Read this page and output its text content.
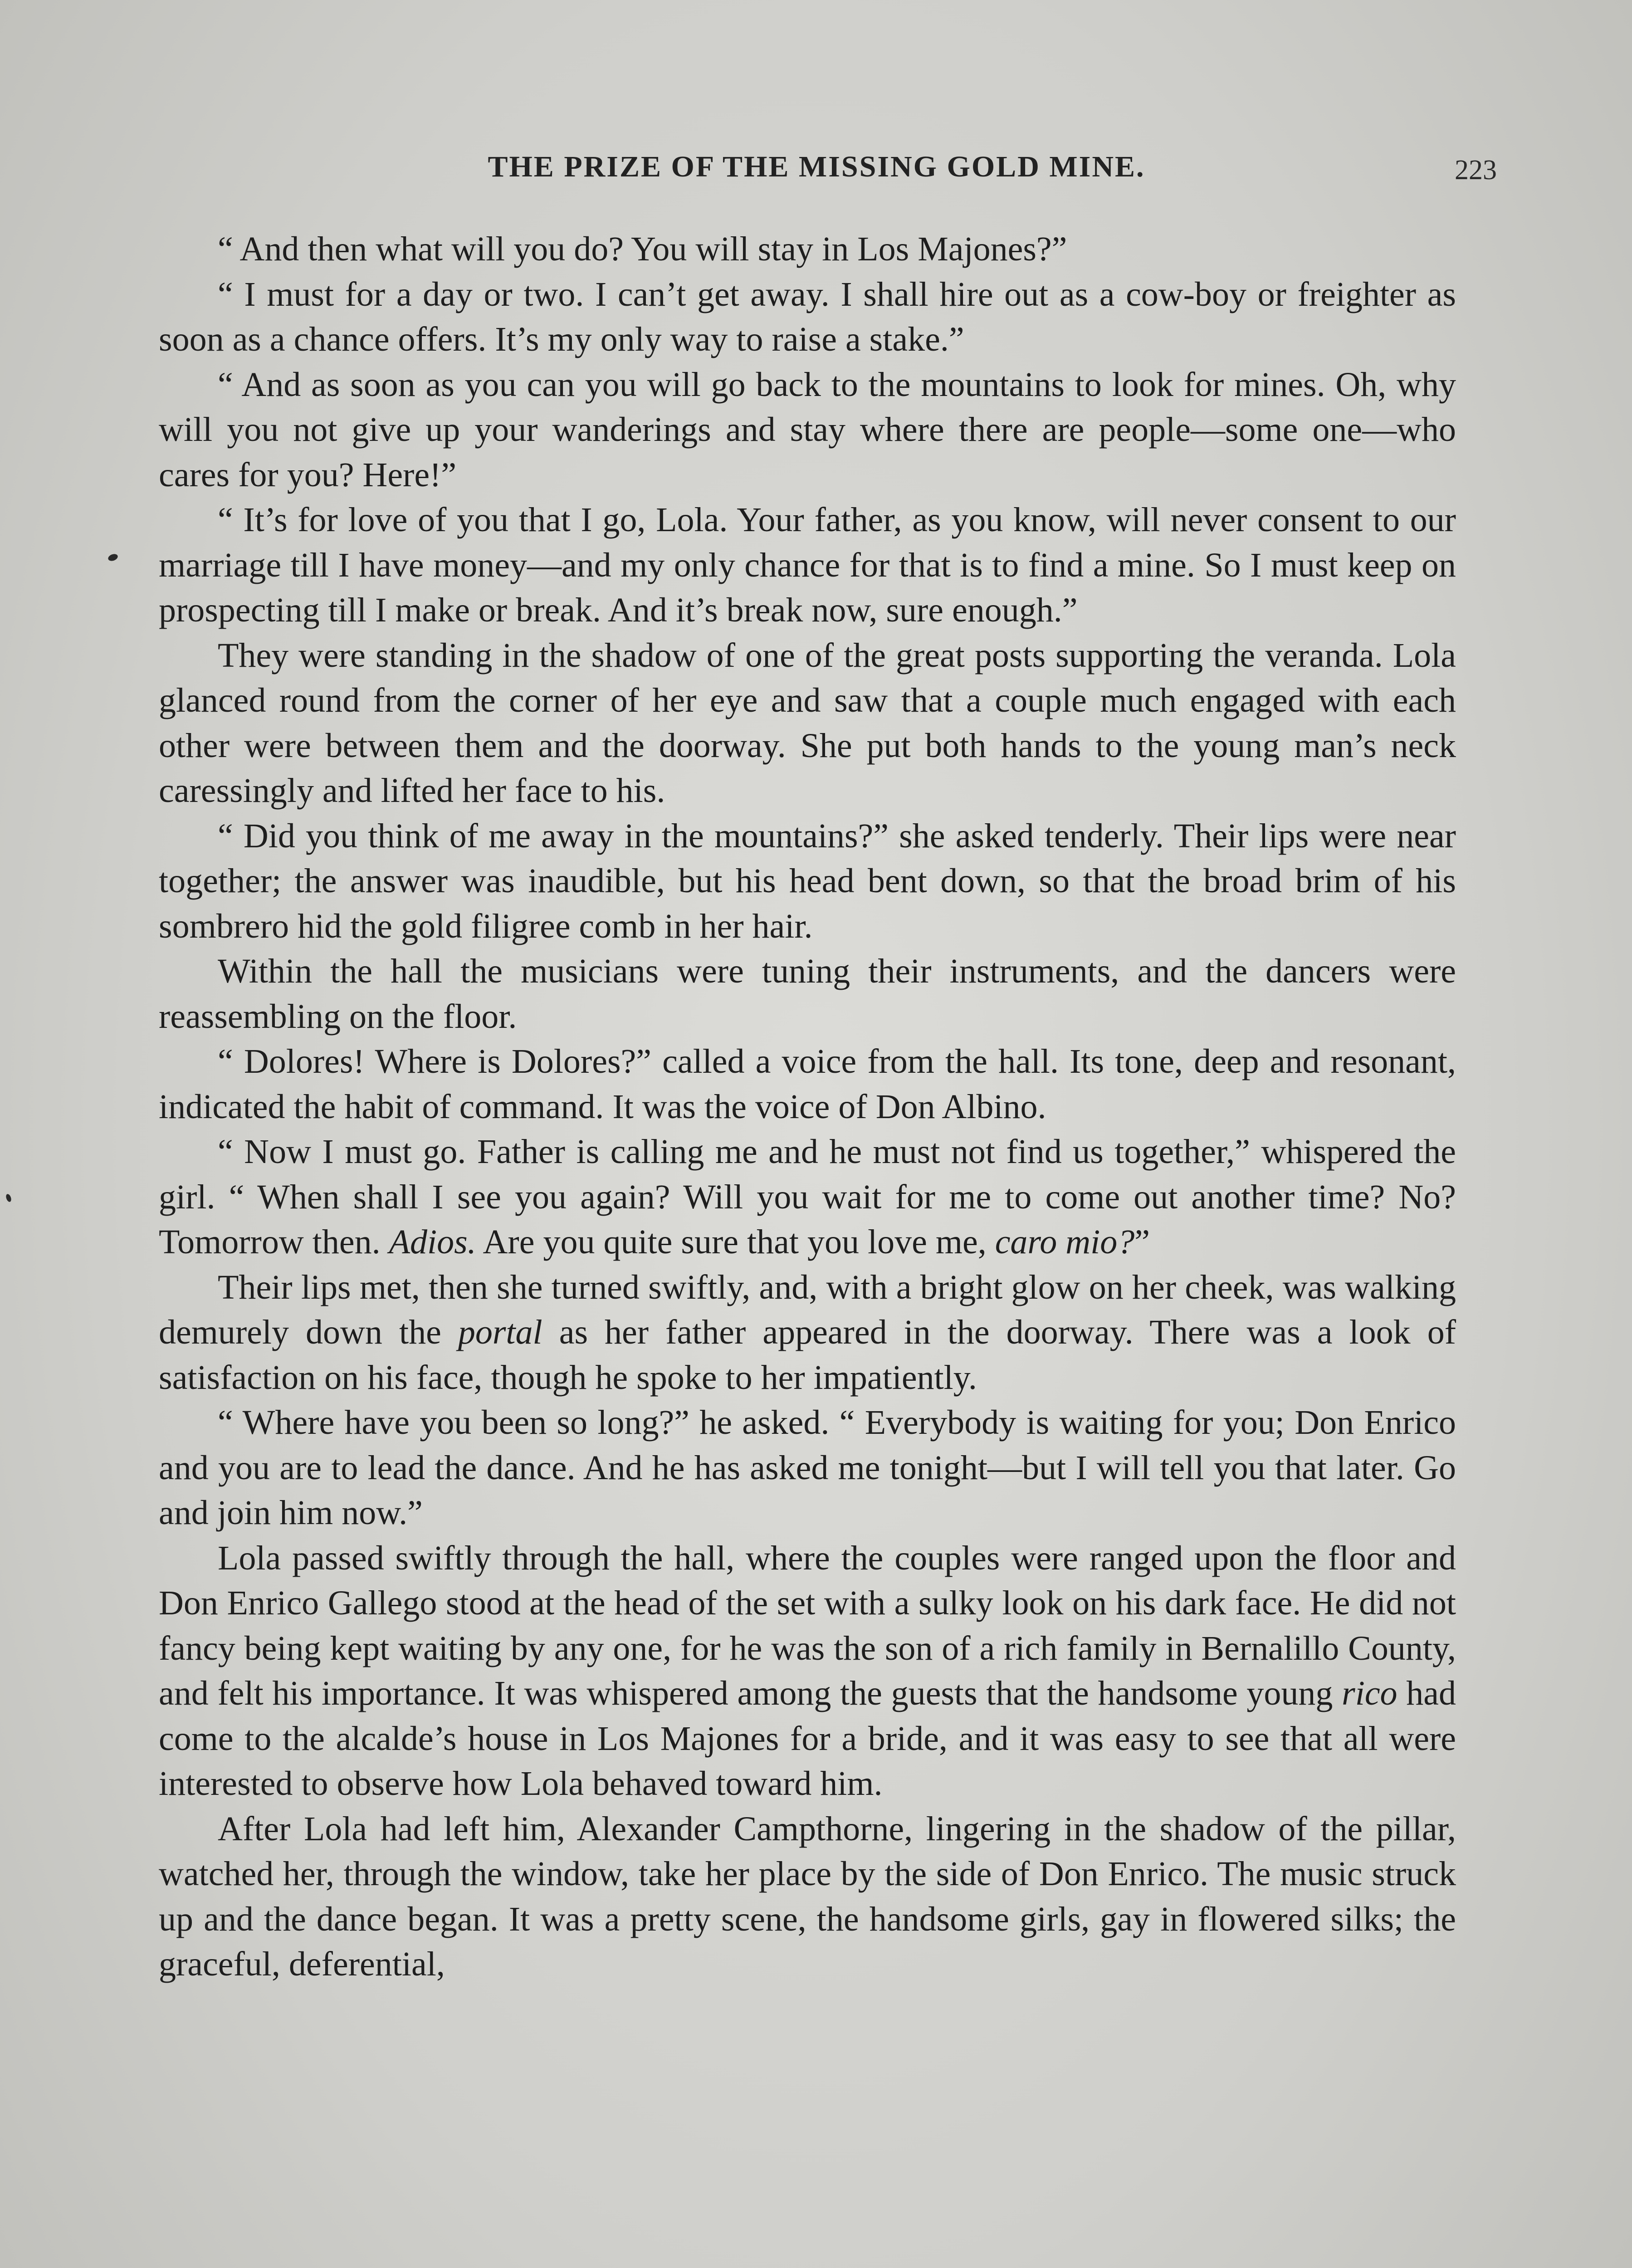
THE PRIZE OF THE MISSING GOLD MINE.	223

“ And then what will you do? You will stay in Los Majones?”

“ I must for a day or two. I can’t get away. I shall hire out as a cow-boy or freighter as soon as a chance offers. It’s my only way to raise a stake.”

“ And as soon as you can you will go back to the mountains to look for mines. Oh, why will you not give up your wanderings and stay where there are people—some one—who cares for you? Here!”

“ It’s for love of you that I go, Lola. Your father, as you know, will never consent to our marriage till I have money—and my only chance for that is to find a mine. So I must keep on prospecting till I make or break. And it’s break now, sure enough.”

They were standing in the shadow of one of the great posts supporting the veranda. Lola glanced round from the corner of her eye and saw that a couple much engaged with each other were between them and the doorway. She put both hands to the young man’s neck caressingly and lifted her face to his.

“ Did you think of me away in the mountains?” she asked tenderly. Their lips were near together; the answer was inaudible, but his head bent down, so that the broad brim of his sombrero hid the gold filigree comb in her hair.

Within the hall the musicians were tuning their instruments, and the dancers were reassembling on the floor.

“ Dolores! Where is Dolores?” called a voice from the hall. Its tone, deep and resonant, indicated the habit of command. It was the voice of Don Albino.

“ Now I must go. Father is calling me and he must not find us together,” whispered the girl. “ When shall I see you again? Will you wait for me to come out another time? No? Tomorrow then. Adios. Are you quite sure that you love me, caro mio?”

Their lips met, then she turned swiftly, and, with a bright glow on her cheek, was walking demurely down the portal as her father appeared in the doorway. There was a look of satisfaction on his face, though he spoke to her impatiently.

“ Where have you been so long?” he asked. “ Everybody is waiting for you; Don Enrico and you are to lead the dance. And he has asked me tonight—but I will tell you that later. Go and join him now.”

Lola passed swiftly through the hall, where the couples were ranged upon the floor and Don Enrico Gallego stood at the head of the set with a sulky look on his dark face. He did not fancy being kept waiting by any one, for he was the son of a rich family in Bernalillo County, and felt his importance. It was whispered among the guests that the handsome young rico had come to the alcalde’s house in Los Majones for a bride, and it was easy to see that all were interested to observe how Lola behaved toward him.

After Lola had left him, Alexander Campthorne, lingering in the shadow of the pillar, watched her, through the window, take her place by the side of Don Enrico. The music struck up and the dance began. It was a pretty scene, the handsome girls, gay in flowered silks; the graceful, deferential,
